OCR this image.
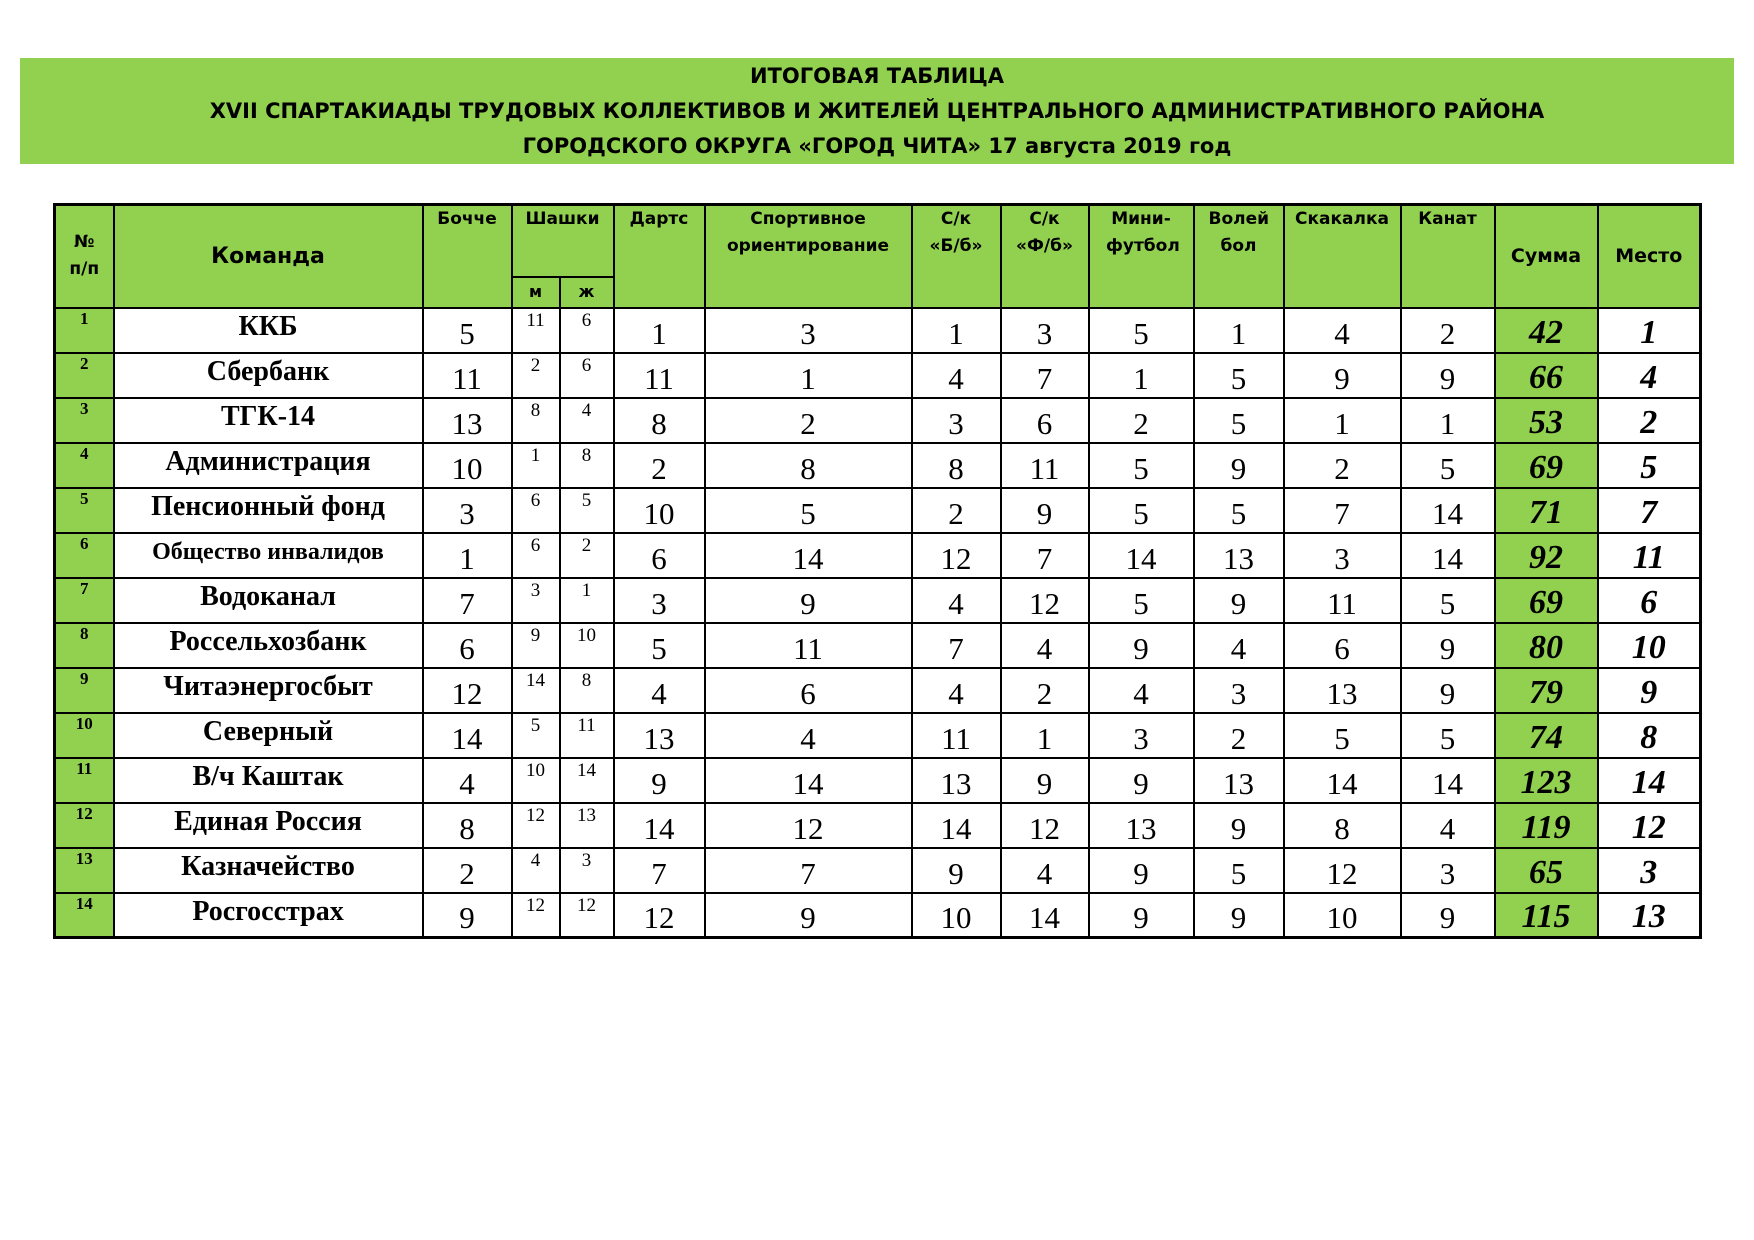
ИТОГОВАЯ ТАБЛИЦА
XVII СПАРТАКИАДЫ ТРУДОВЫХ КОЛЛЕКТИВОВ И ЖИТЕЛЕЙ ЦЕНТРАЛЬНОГО АДМИНИСТРАТИВНОГО РАЙОНА
ГОРОДСКОГО ОКРУГА «ГОРОД ЧИТА» 17 августа 2019 год
№ п/п	Команда	Бочче	Шашки		Дартс	Спортивное ориентирование	С/к «Б/б»	С/к «Ф/б»	Мини-футбол	Волей бол	Скакалка	Канат	Сумма	Место
			м	ж										
1	ККБ	5	11	6	1	3	1	3	5	1	4	2	42	1
2	Сбербанк	11	2	6	11	1	4	7	1	5	9	9	66	4
3	ТГК-14	13	8	4	8	2	3	6	2	5	1	1	53	2
4	Администрация	10	1	8	2	8	8	11	5	9	2	5	69	5
5	Пенсионный фонд	3	6	5	10	5	2	9	5	5	7	14	71	7
6	Общество инвалидов	1	6	2	6	14	12	7	14	13	3	14	92	11
7	Водоканал	7	3	1	3	9	4	12	5	9	11	5	69	6
8	Россельхозбанк	6	9	10	5	11	7	4	9	4	6	9	80	10
9	Читаэнергосбыт	12	14	8	4	6	4	2	4	3	13	9	79	9
10	Северный	14	5	11	13	4	11	1	3	2	5	5	74	8
11	В/ч Каштак	4	10	14	9	14	13	9	9	13	14	14	123	14
12	Единая Россия	8	12	13	14	12	14	12	13	9	8	4	119	12
13	Казначейство	2	4	3	7	7	9	4	9	5	12	3	65	3
14	Росгосстрах	9	12	12	12	9	10	14	9	9	10	9	115	13
